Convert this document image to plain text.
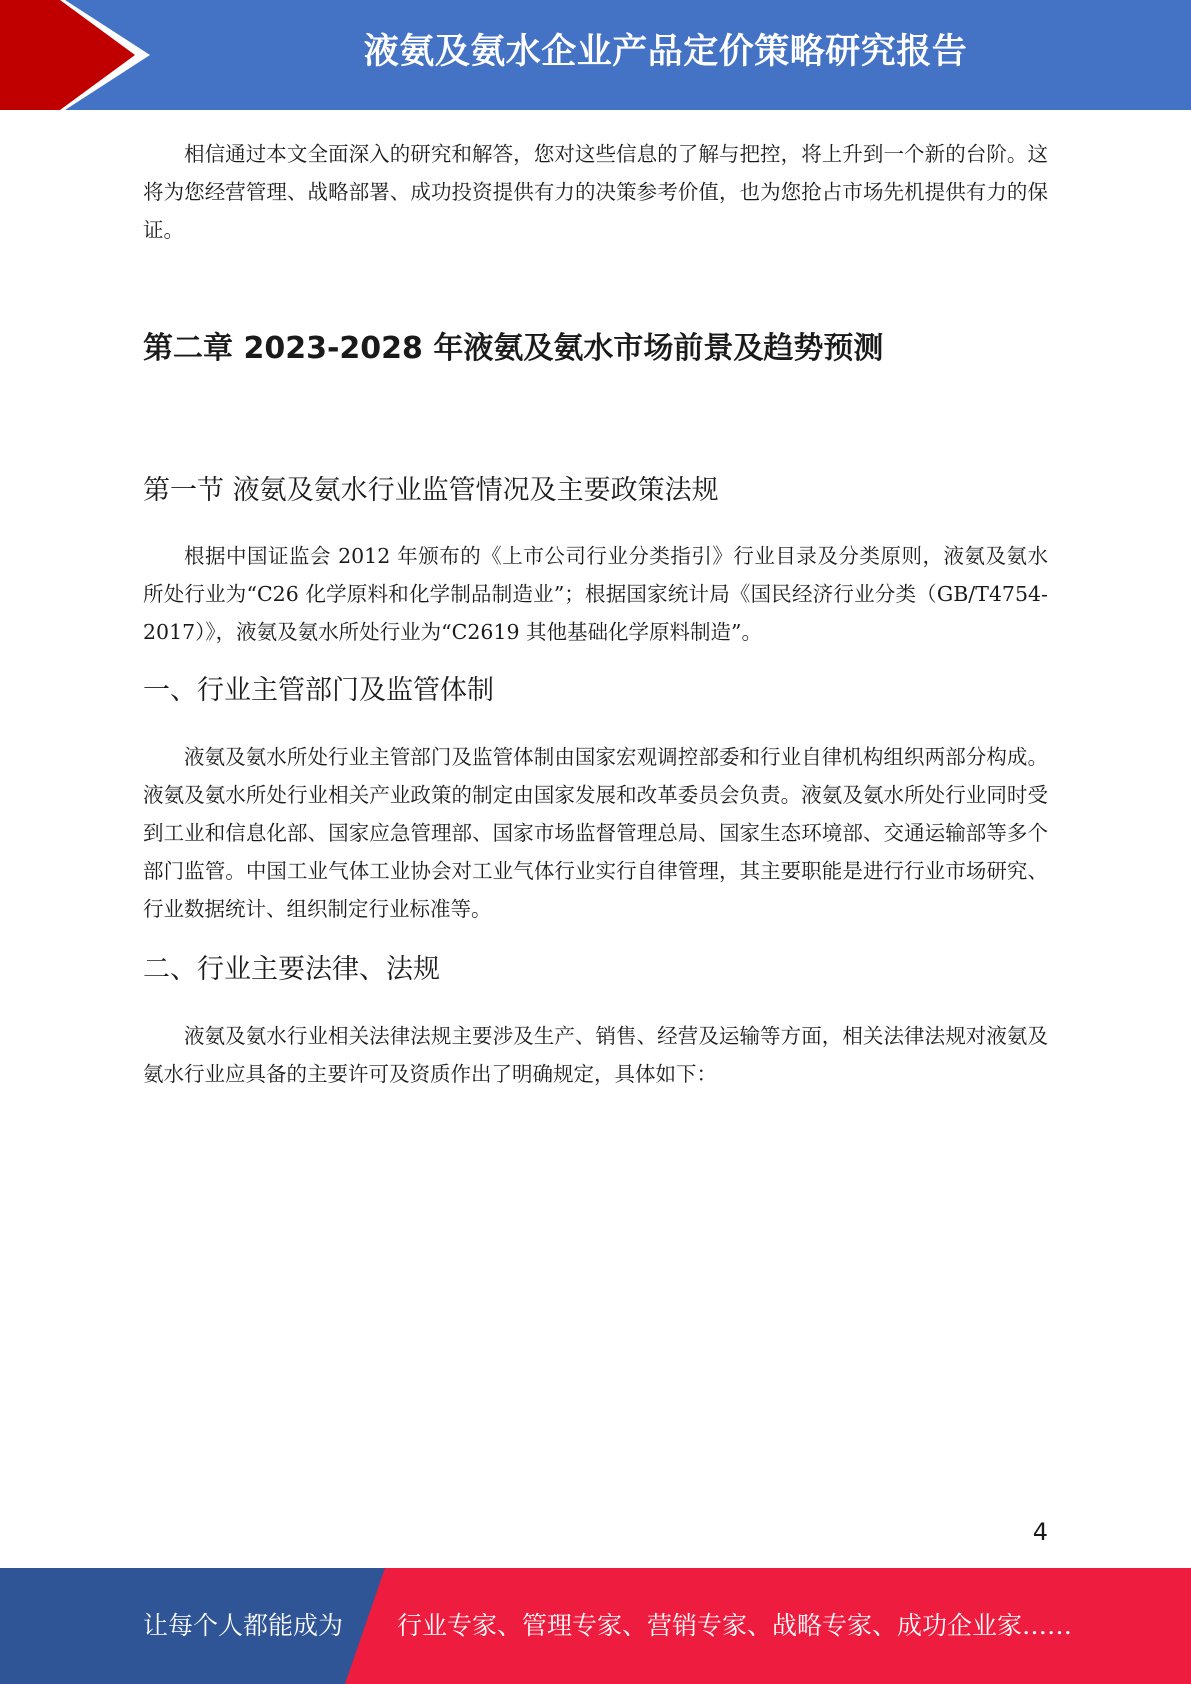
液氨及氨水企业产品定价策略研究报告

相信通过本文全面深入的研究和解答，您对这些信息的了解与把控，将上升到一个新的台阶。这将为您经营管理、战略部署、成功投资提供有力的决策参考价值，也为您抢占市场先机提供有力的保证。

第二章 2023-2028 年液氨及氨水市场前景及趋势预测
第一节 液氨及氨水行业监管情况及主要政策法规

根据中国证监会 2012 年颁布的《上市公司行业分类指引》行业目录及分类原则，液氨及氨水所处行业为“C26 化学原料和化学制品制造业”；根据国家统计局《国民经济行业分类（GB/T4754-2017）》，液氨及氨水所处行业为“C2619 其他基础化学原料制造”。

一、行业主管部门及监管体制

液氨及氨水所处行业主管部门及监管体制由国家宏观调控部委和行业自律机构组织两部分构成。液氨及氨水所处行业相关产业政策的制定由国家发展和改革委员会负责。液氨及氨水所处行业同时受到工业和信息化部、国家应急管理部、国家市场监督管理总局、国家生态环境部、交通运输部等多个部门监管。中国工业气体工业协会对工业气体行业实行自律管理，其主要职能是进行行业市场研究、行业数据统计、组织制定行业标准等。

二、行业主要法律、法规

液氨及氨水行业相关法律法规主要涉及生产、销售、经营及运输等方面，相关法律法规对液氨及氨水行业应具备的主要许可及资质作出了明确规定，具体如下：

4
让每个人都能成为 行业专家、管理专家、营销专家、战略专家、成功企业家……
